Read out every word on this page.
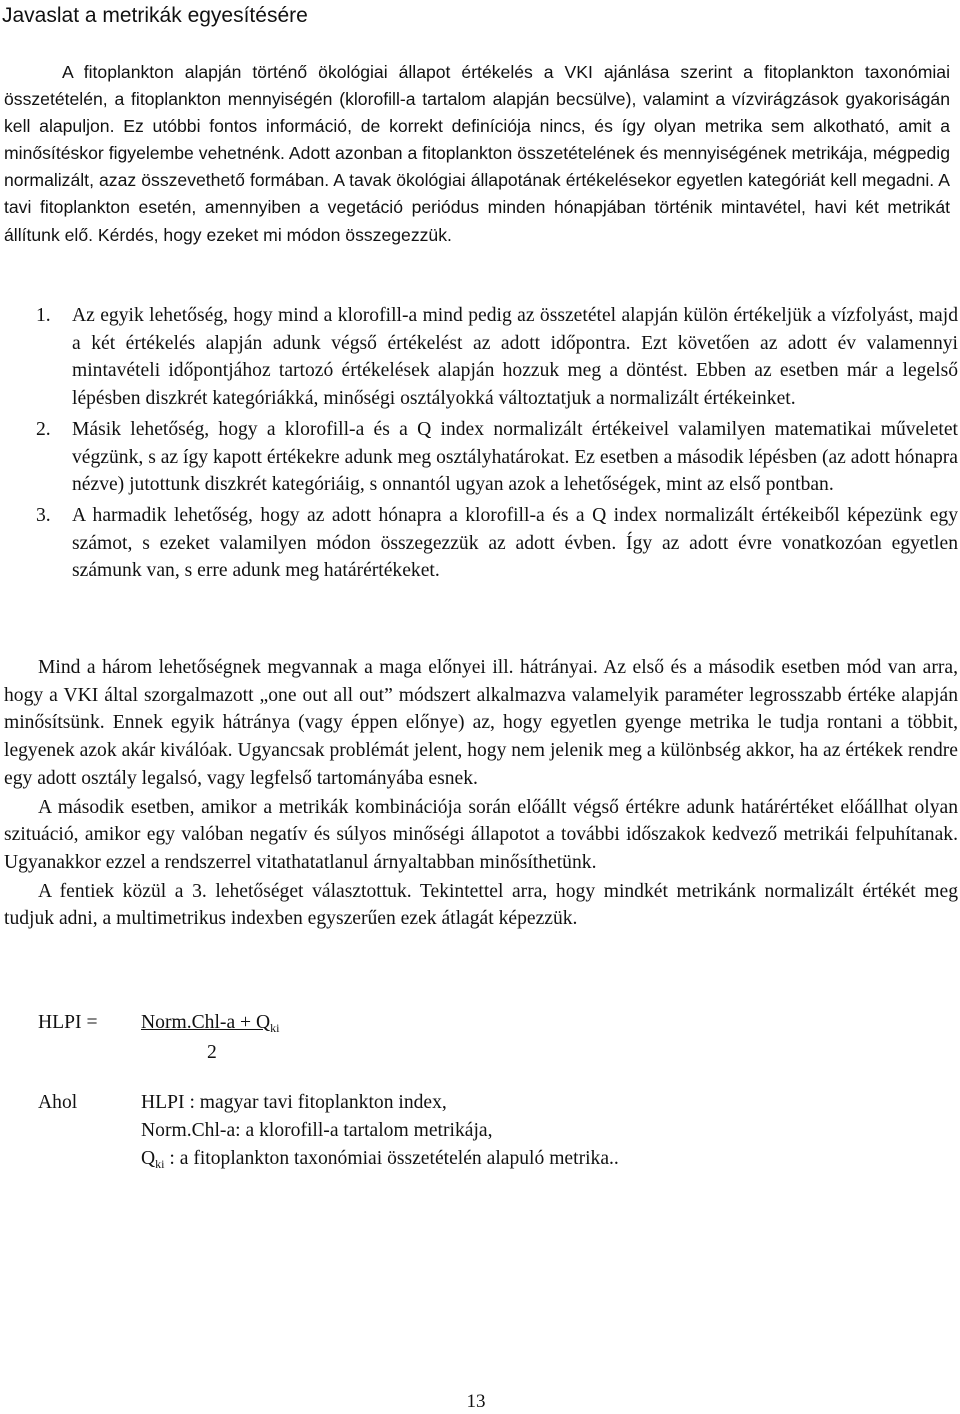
Javaslat a metrikák egyesítésére

A fitoplankton alapján történő ökológiai állapot értékelés a VKI ajánlása szerint a fitoplankton taxonómiai összetételén, a fitoplankton mennyiségén (klorofill-a tartalom alapján becsülve), valamint a vízvirágzások gyakoriságán kell alapuljon. Ez utóbbi fontos információ, de korrekt definíciója nincs, és így olyan metrika sem alkotható, amit a minősítéskor figyelembe vehetnénk. Adott azonban a fitoplankton összetételének és mennyiségének metrikája, mégpedig normalizált, azaz összevethető formában. A tavak ökológiai állapotának értékelésekor egyetlen kategóriát kell megadni. A tavi fitoplankton esetén, amennyiben a vegetáció periódus minden hónapjában történik mintavétel, havi két metrikát állítunk elő. Kérdés, hogy ezeket mi módon összegezzük.

1. Az egyik lehetőség, hogy mind a klorofill-a mind pedig az összetétel alapján külön értékeljük a vízfolyást, majd a két értékelés alapján adunk végső értékelést az adott időpontra. Ezt követően az adott év valamennyi mintavételi időpontjához tartozó értékelések alapján hozzuk meg a döntést. Ebben az esetben már a legelső lépésben diszkrét kategóriákká, minőségi osztályokká változtatjuk a normalizált értékeinket.
2. Másik lehetőség, hogy a klorofill-a és a Q index normalizált értékeivel valamilyen matematikai műveletet végzünk, s az így kapott értékekre adunk meg osztályhatárokat. Ez esetben a második lépésben (az adott hónapra nézve) jutottunk diszkrét kategóriáig, s onnantól ugyan azok a lehetőségek, mint az első pontban.
3. A harmadik lehetőség, hogy az adott hónapra a klorofill-a és a Q index normalizált értékeiből képezünk egy számot, s ezeket valamilyen módon összegezzük az adott évben. Így az adott évre vonatkozóan egyetlen számunk van, s erre adunk meg határértékeket.

Mind a három lehetőségnek megvannak a maga előnyei ill. hátrányai. Az első és a második esetben mód van arra, hogy a VKI által szorgalmazott „one out all out” módszert alkalmazva valamelyik paraméter legrosszabb értéke alapján minősítsünk. Ennek egyik hátránya (vagy éppen előnye) az, hogy egyetlen gyenge metrika le tudja rontani a többit, legyenek azok akár kiválóak. Ugyancsak problémát jelent, hogy nem jelenik meg a különbség akkor, ha az értékek rendre egy adott osztály legalsó, vagy legfelső tartományába esnek.

A második esetben, amikor a metrikák kombinációja során előállt végső értékre adunk határértéket előállhat olyan szituáció, amikor egy valóban negatív és súlyos minőségi állapotot a további időszakok kedvező metrikái felpuhítanak. Ugyanakkor ezzel a rendszerrel vitathatatlanul árnyaltabban minősíthetünk.

A fentiek közül a 3. lehetőséget választottuk. Tekintettel arra, hogy mindkét metrikánk normalizált értékét meg tudjuk adni, a multimetrikus indexben egyszerűen ezek átlagát képezzük.

HLPI = Norm.Chl-a + $Q_{ki}$
2
Ahol	HLPI : magyar tavi fitoplankton index,
Norm.Chl-a: a klorofill-a tartalom metrikája,
$Q_{ki}$ : a fitoplankton taxonómiai összetételén alapuló metrika..
13
